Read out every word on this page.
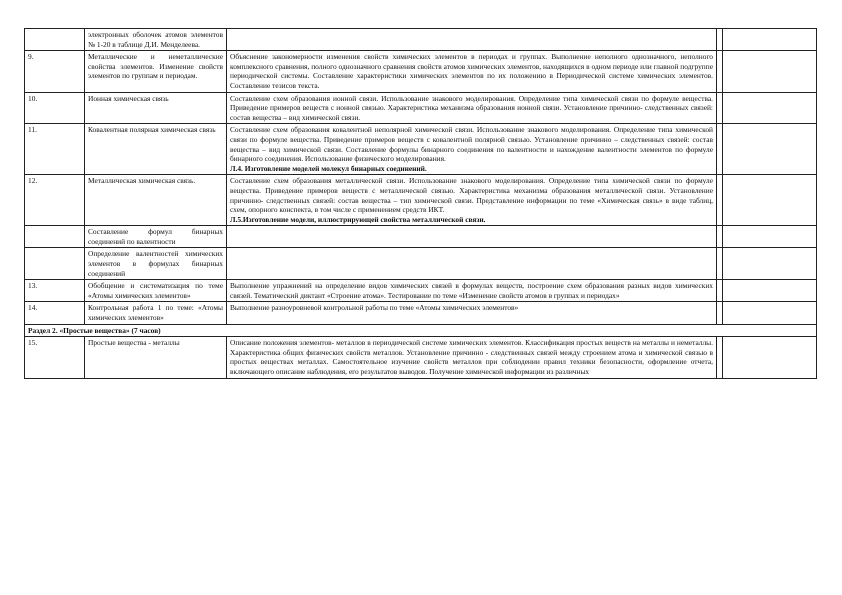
	электронных оболочек атомов элементов № 1-20 в таблице Д.И. Менделеева.			
9.	Металлические и неметаллические свойства элементов. Изменение свойств элементов по группам и периодам.	Объяснение закономерности изменения свойств химических элементов в периодах и группах. Выполнение неполного однозначного, неполного комплексного сравнения, полного однозначного сравнения свойств атомов химических элементов, находящихся в одном периоде или главной подгруппе периодической системы. Составление характеристики химических элементов по их положению в Периодической системе химических элементов. Составление тезисов текста.		
10.	Ионная химическая связь	Составление схем образования ионной связи. Использование знакового моделирования. Определение типа химической связи по формуле вещества. Приведение примеров веществ с ионной связью. Характеристика механизма образования ионной связи. Установление причинно- следственных связей: состав вещества – вид химической связи.		
11.	Ковалентная полярная химическая связь	Составление схем образования ковалентной неполярной химической связи. Использование знакового моделирования. Определение типа химической связи по формуле вещества. Приведение примеров веществ с ковалентной полярной связью. Установление причинно – следственных связей: состав вещества – вид химической связи. Составление формулы бинарного соединения по валентности и нахождение валентности элементов по формуле бинарного соединения. Использование физического моделирования.
Л.4. Изготовление моделей молекул бинарных соединений.		

12.	Металлическая химическая связь.	Составление схем образования металлической связи. Использование знакового моделирования. Определение типа химической связи по формуле вещества. Приведение примеров веществ с металлической связью. Характеристика механизма образования металлической связи. Установление причинно- следственных связей: состав вещества – тип химической связи. Представление информации по теме «Химическая связь» в виде таблиц, схем, опорного конспекта, в том числе с применением средств ИКТ.
Л.5.Изготовление модели, иллюстрирующей свойства металлической связи.		

	Составление формул бинарных соединений по валентности			
	Определение валентностей химических элементов в формулах бинарных соединений			
13.	Обобщение и систематизация по теме «Атомы химических элементов»	Выполнение упражнений на определение видов химических связей в формулах веществ, построение схем образования разных видов химических связей. Тематический диктант «Строение атома». Тестирование по теме «Изменение свойств атомов в группах и периодах»		
14.	Контрольная работа 1 по теме: «Атомы химических элементов»	Выполнение разноуровневой контрольной работы по теме «Атомы химических элементов»		
Раздел 2. «Простые вещества» (7 часов)				
15.	Простые вещества - металлы	Описание положения элементов- металлов в периодической системе химических элементов. Классификация простых веществ на металлы и неметаллы. Характеристика общих физических свойств металлов. Установление причинно - следственных связей между строением атома и химической связью в простых веществах металлах. Самостоятельное изучение свойств металлов при соблюдении правил техники безопасности, оформление отчета, включающего описание наблюдения, его результатов выводов. Получение химической информации из различных		
